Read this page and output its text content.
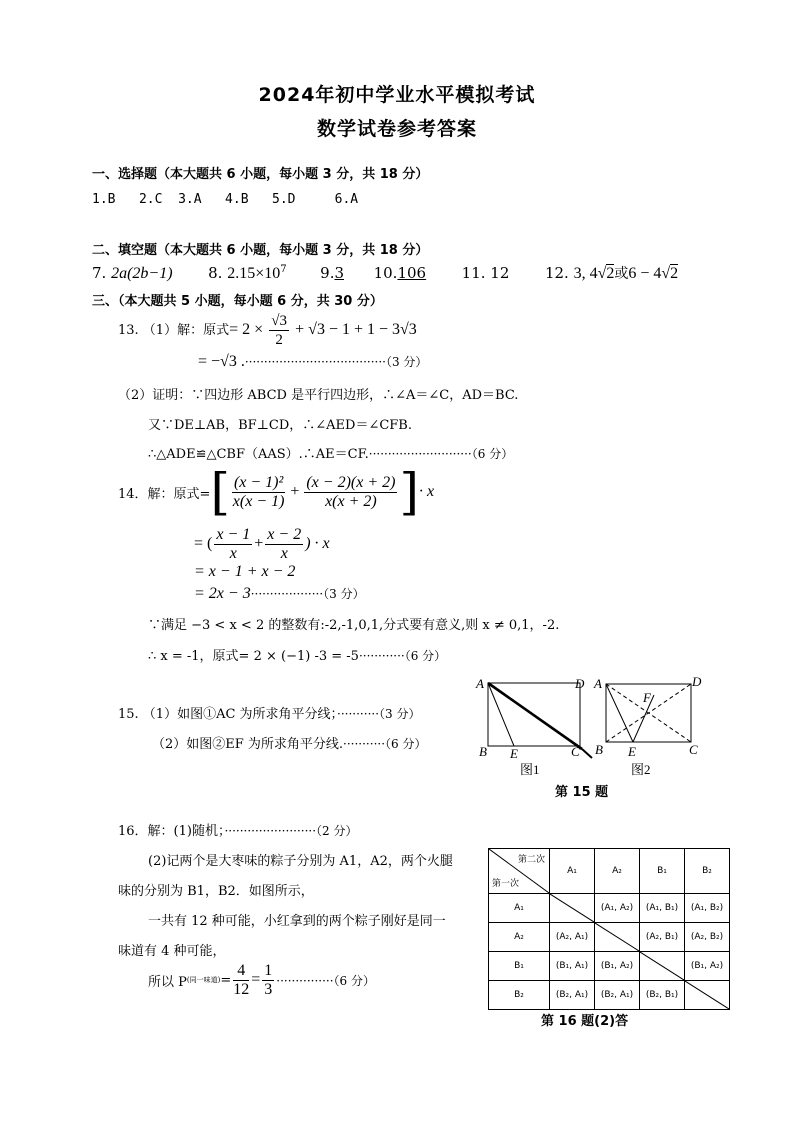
2024年初中学业水平模拟考试
数学试卷参考答案
一、选择题（本大题共 6 小题，每小题 3 分，共 18 分）
1.B   2.C  3.A   4.B   5.D     6.A
二、填空题（本大题共 6 小题，每小题 3 分，共 18 分）
7. 2a(2b−1) 8. $2.15\times 10^7$ 9.3 10.106 11. 12 12. 3, 4√2或6 − 4√2
三、（本大题共 5 小题，每小题 6 分，共 30 分）
13. （1）解：原式= $2 \times \frac{√3}{2} + √3 - 1 + 1 - 3√3$
= −√3 .·····································（3 分）
（2）证明：∵四边形 ABCD 是平行四边形，∴∠A＝∠C，AD＝BC.
又∵DE⊥AB，BF⊥CD，∴∠AED＝∠CFB.
∴△ADE≌△CBF（AAS）.∴AE＝CF.···························（6 分）
14．解：原式= [ $\frac{\text{(x − 1)²}}{x(x - 1)} + \frac{(x - 2)(x + 2)}{x(x + 2)}$ ] · x
= ( $\frac{x - 1}{x} + \frac{x - 2}{x}$ ) · x
= x − 1 + x − 2
= 2x − 3···················（3 分）
∵满足 −3 < x < 2 的整数有:-2,-1,0,1,分式要有意义,则 x ≠ 0,1，-2.
∴ x = -1，原式= 2 × (−1) -3 = -5············（6 分）
15. （1）如图①AC 为所求角平分线；···········（3 分）
（2）如图②EF 为所求角平分线.···········（6 分）
A	D
B E	C
图1
A	D
F
B E	C
图2
第 15 题
16．解：(1)随机；························（2 分）
(2)记两个是大枣味的粽子分别为 A1，A2，两个火腿
味的分别为 B1，B2．如图所示，
一共有 12 种可能，小红拿到的两个粽子刚好是同一
味道有 4 种可能，
所以 P (同一味道) = $\frac{4}{12} = \frac{1}{3} \cdot\cdot\cdot\cdot\cdot\cdot\cdot\cdot\cdot\cdot\cdot\cdot\cdot\cdot\cdot(6$ 分）
第二次
第一次	A₁	A₂	B₁	B₂
A₁		(A₁, A₂)	(A₁, B₁)	(A₁, B₂)
A₂	(A₂, A₁)		(A₂, B₁)	(A₂, B₂)
B₁	(B₁, A₁)	(B₁, A₂)		(B₁, A₂)
B₂	(B₂, A₁)	(B₂, A₁)	(B₂, B₁)	
第 16 题(2)答
